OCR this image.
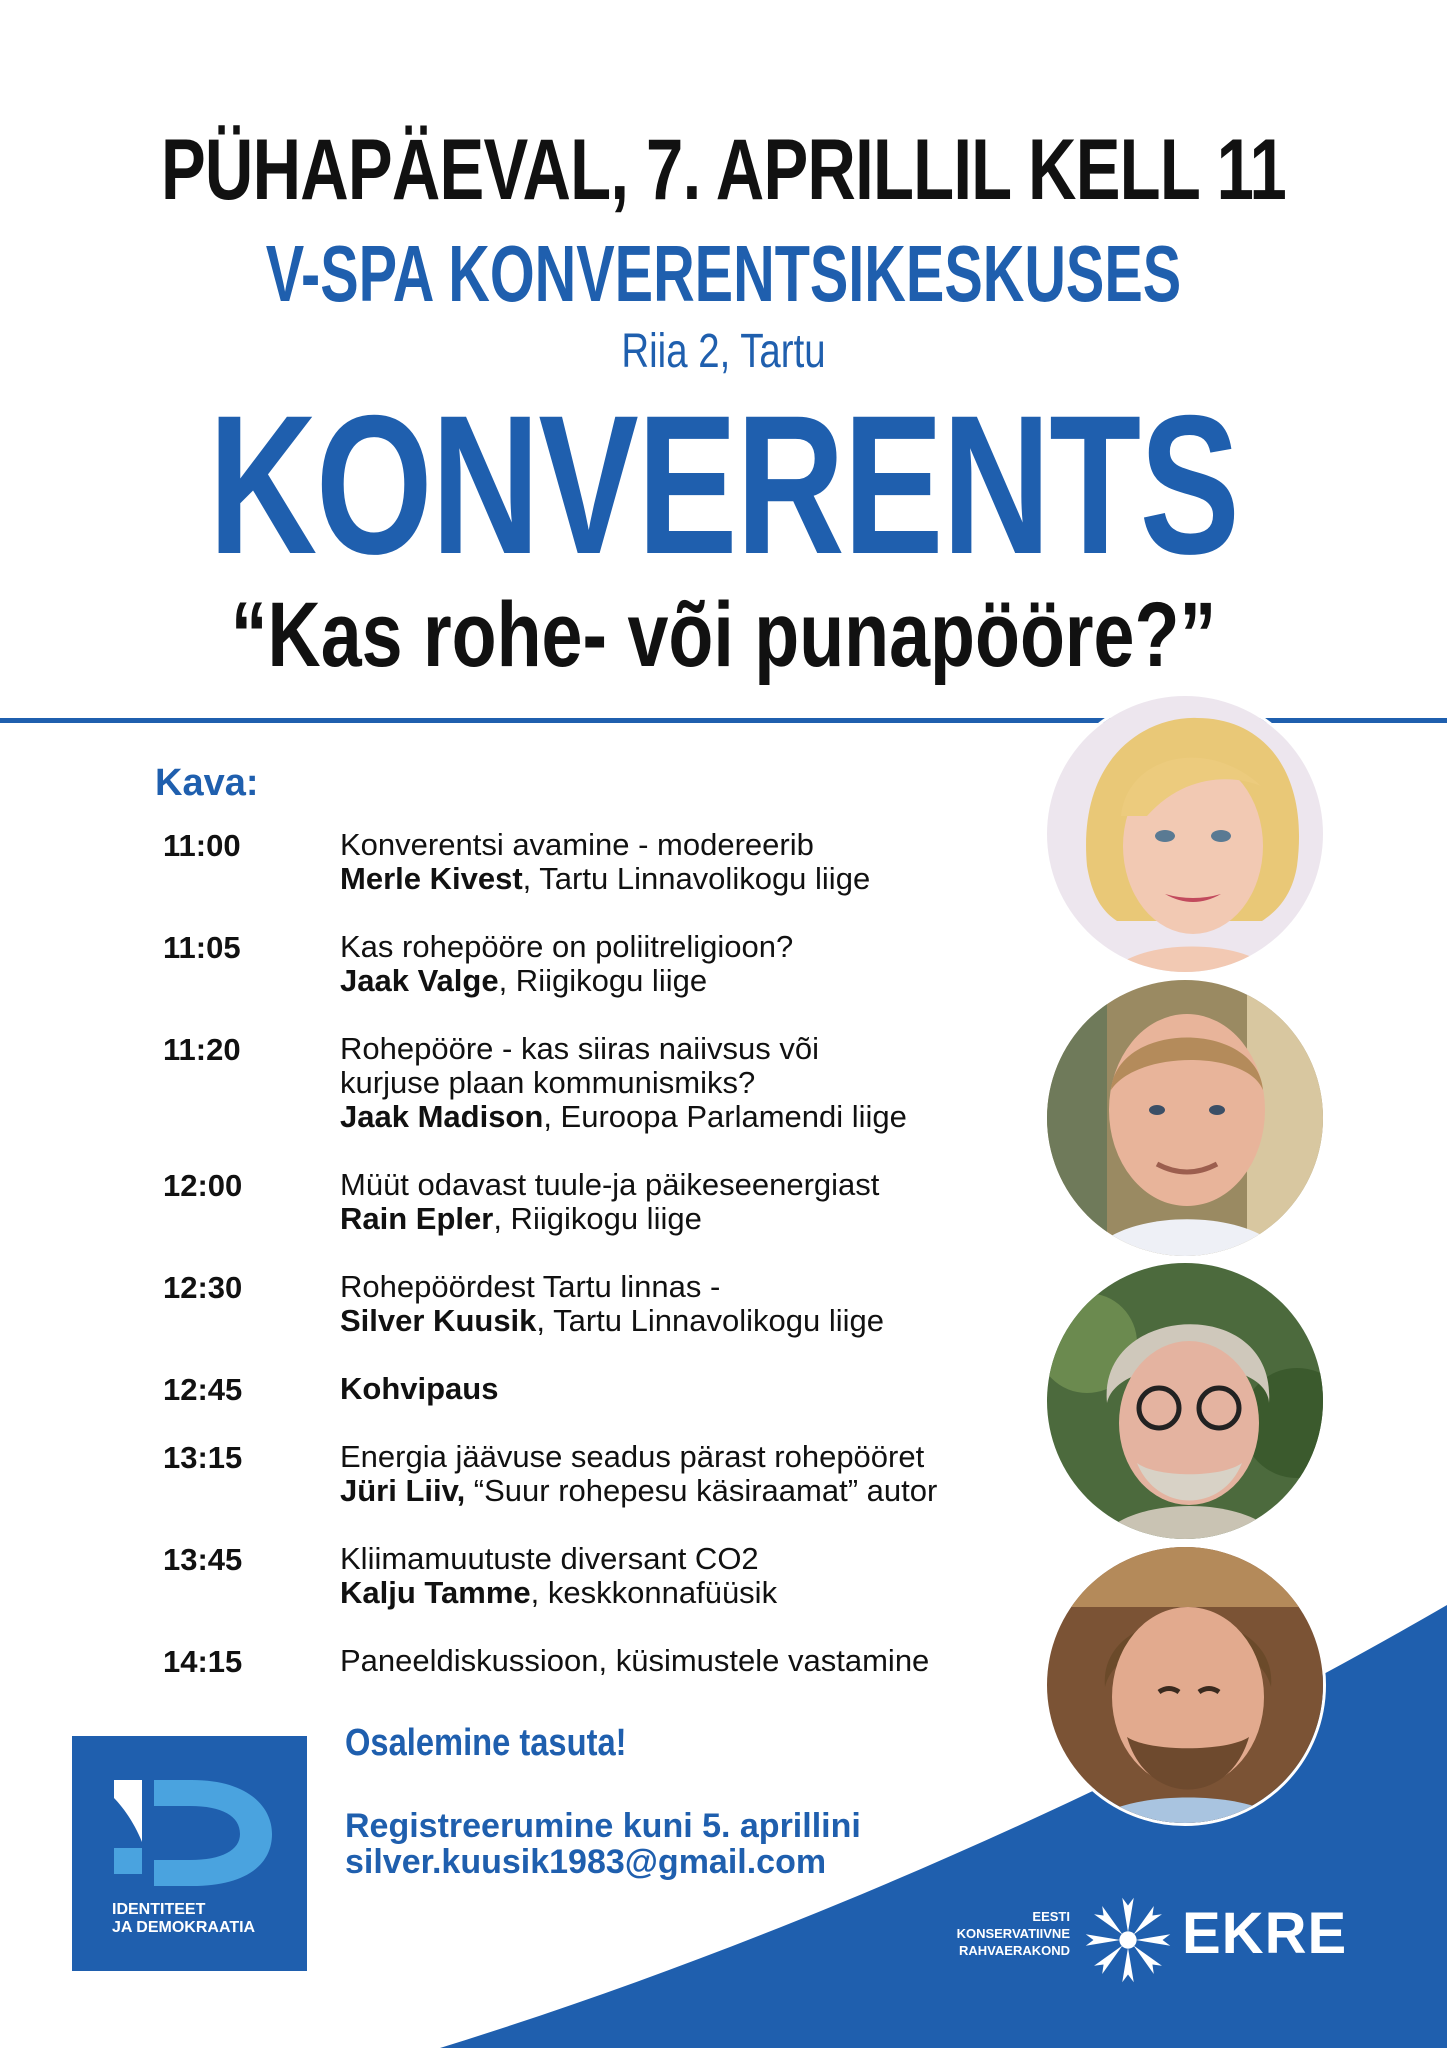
PÜHAPÄEVAL, 7. APRILLIL KELL 11
V-SPA KONVERENTSIKESKUSES
Riia 2, Tartu
KONVERENTS
“Kas rohe- või punapööre?”
Kava:
11:00	Konverentsi avamine - modereerib
Merle Kivest, Tartu Linnavolikogu liige
11:05	Kas rohepööre on poliitreligioon?
Jaak Valge, Riigikogu liige
11:20	Rohepööre - kas siiras naiivsus või
kurjuse plaan kommunismiks?
Jaak Madison, Euroopa Parlamendi liige
12:00	Müüt odavast tuule-ja päikeseenergiast
Rain Epler, Riigikogu liige
12:30	Rohepöördest Tartu linnas -
Silver Kuusik, Tartu Linnavolikogu liige
12:45	Kohvipaus
13:15	Energia jäävuse seadus pärast rohepööret
Jüri Liiv, “Suur rohepesu käsiraamat” autor
13:45	Kliimamuutuste diversant CO2
Kalju Tamme, keskkonnafüüsik
14:15	Paneeldiskussioon, küsimustele vastamine
Osalemine tasuta!
Registreerumine kuni 5. aprillini
silver.kuusik1983@gmail.com
IDENTITEET
JA DEMOKRAATIA
EESTI
KONSERVATIIVNE
RAHVAERAKOND EKRE
